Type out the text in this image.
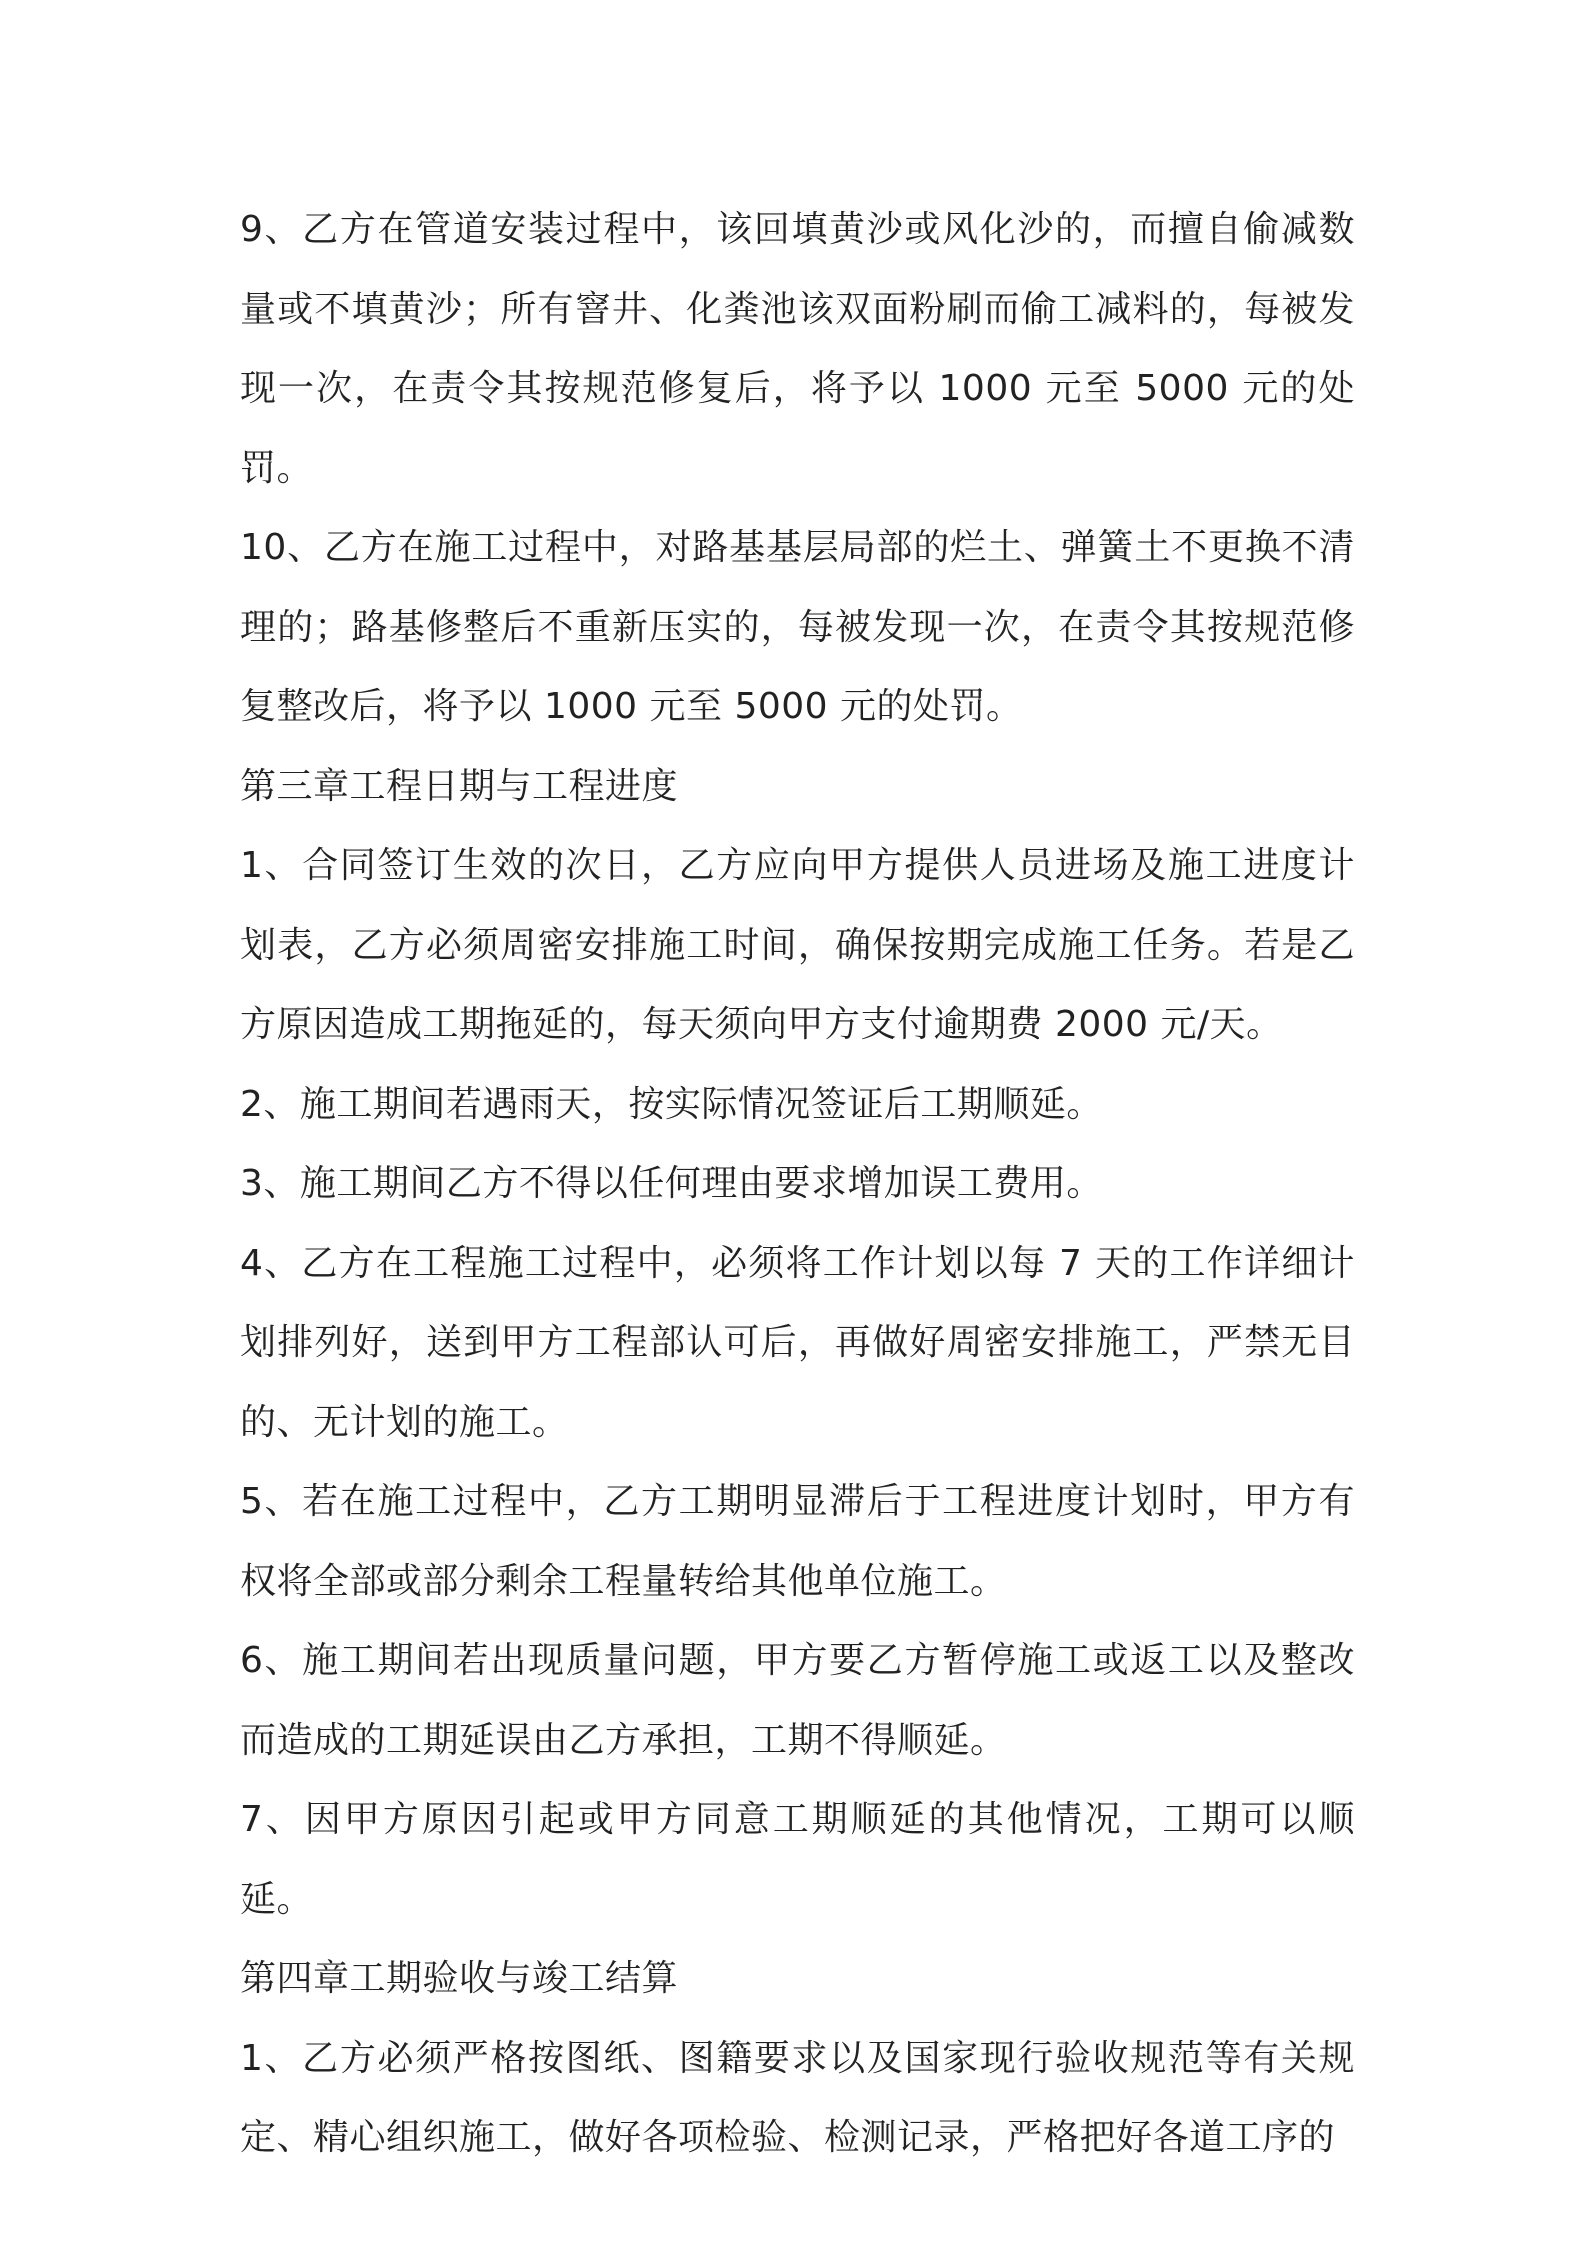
9、乙方在管道安装过程中，该回填黄沙或风化沙的，而擅自偷减数量或不填黄沙；所有窨井、化粪池该双面粉刷而偷工减料的，每被发现一次，在责令其按规范修复后，将予以 1000 元至 5000 元的处罚。

10、乙方在施工过程中，对路基基层局部的烂土、弹簧土不更换不清理的；路基修整后不重新压实的，每被发现一次，在责令其按规范修复整改后，将予以 1000 元至 5000 元的处罚。

第三章工程日期与工程进度

1、合同签订生效的次日，乙方应向甲方提供人员进场及施工进度计划表，乙方必须周密安排施工时间，确保按期完成施工任务。若是乙方原因造成工期拖延的，每天须向甲方支付逾期费 2000 元/天。

2、施工期间若遇雨天，按实际情况签证后工期顺延。

3、施工期间乙方不得以任何理由要求增加误工费用。

4、乙方在工程施工过程中，必须将工作计划以每 7 天的工作详细计划排列好，送到甲方工程部认可后，再做好周密安排施工，严禁无目的、无计划的施工。

5、若在施工过程中，乙方工期明显滞后于工程进度计划时，甲方有权将全部或部分剩余工程量转给其他单位施工。

6、施工期间若出现质量问题，甲方要乙方暂停施工或返工以及整改而造成的工期延误由乙方承担，工期不得顺延。

7、因甲方原因引起或甲方同意工期顺延的其他情况，工期可以顺延。

第四章工期验收与竣工结算

1、乙方必须严格按图纸、图籍要求以及国家现行验收规范等有关规定、精心组织施工，做好各项检验、检测记录，严格把好各道工序的
